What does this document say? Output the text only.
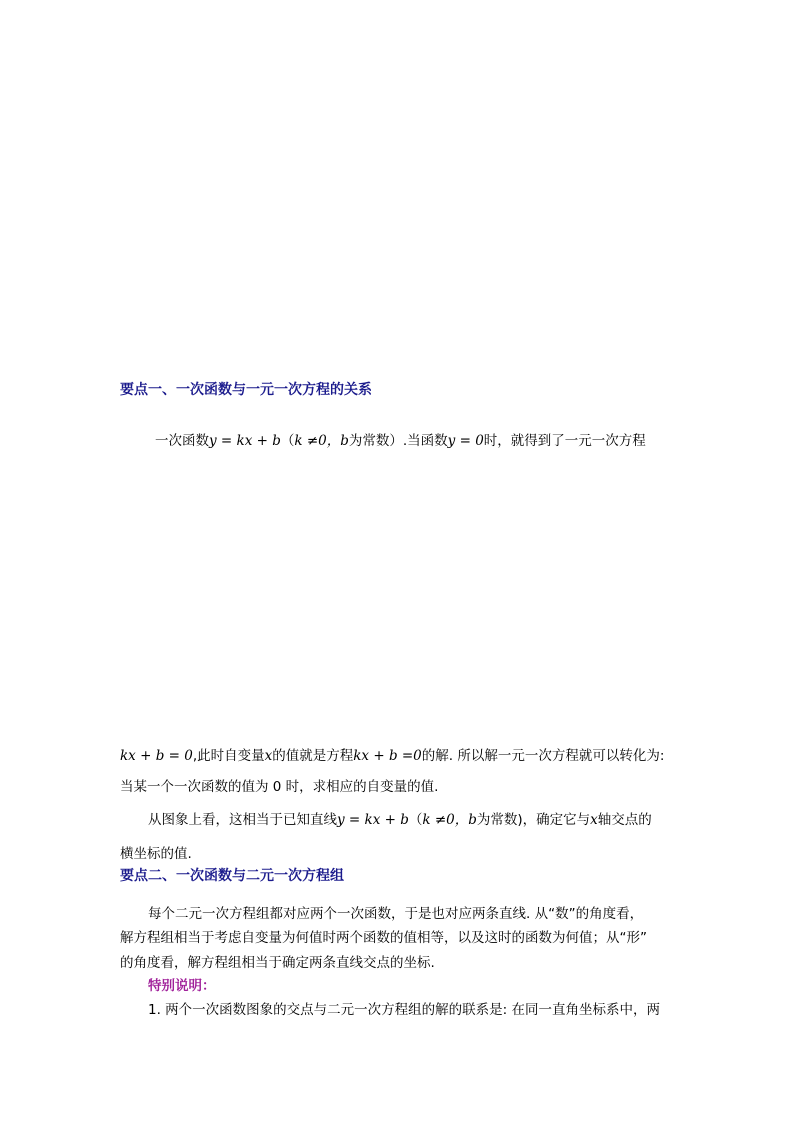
要点一、一次函数与一元一次方程的关系
一次函数y = kx + b（k ≠0，b为常数）.当函数y = 0时，就得到了一元一次方程
kx + b = 0,此时自变量x的值就是方程kx + b =0的解. 所以解一元一次方程就可以转化为:
当某一个一次函数的值为 0 时，求相应的自变量的值.
从图象上看，这相当于已知直线y = kx + b（k ≠0，b为常数)，确定它与x轴交点的
横坐标的值.
要点二、一次函数与二元一次方程组
每个二元一次方程组都对应两个一次函数，于是也对应两条直线. 从“数”的角度看，
解方程组相当于考虑自变量为何值时两个函数的值相等，以及这时的函数为何值；从“形”
的角度看，解方程组相当于确定两条直线交点的坐标.
特别说明：
1. 两个一次函数图象的交点与二元一次方程组的解的联系是: 在同一直角坐标系中，两
